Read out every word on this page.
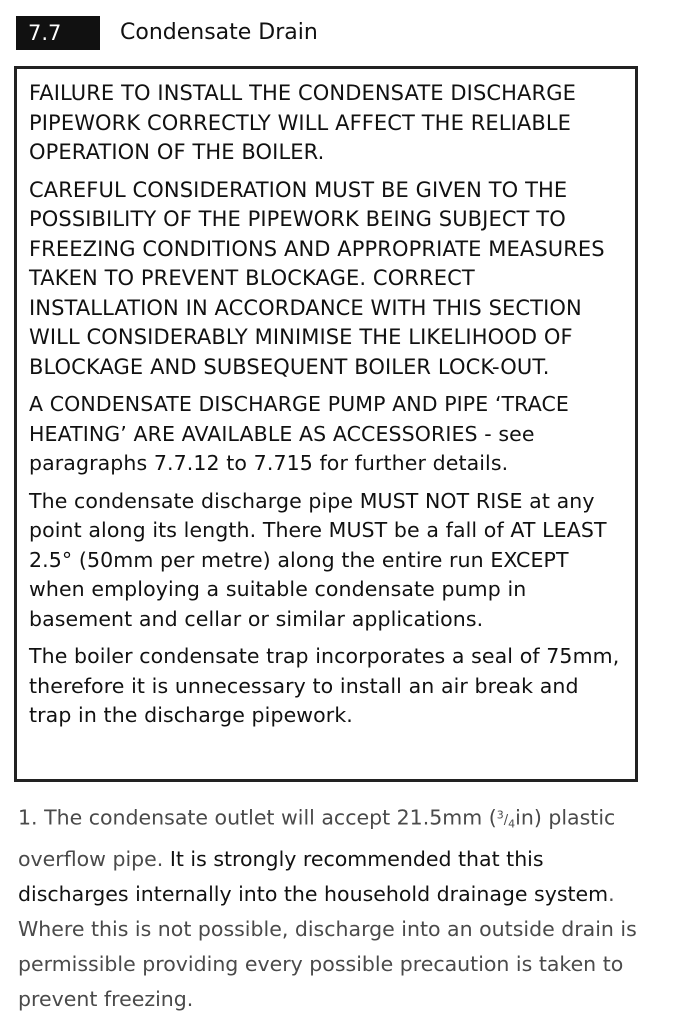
7.7	Condensate Drain

FAILURE TO INSTALL THE CONDENSATE DISCHARGE PIPEWORK CORRECTLY WILL AFFECT THE RELIABLE OPERATION OF THE BOILER.

CAREFUL CONSIDERATION MUST BE GIVEN TO THE POSSIBILITY OF THE PIPEWORK BEING SUBJECT TO FREEZING CONDITIONS AND APPROPRIATE MEASURES TAKEN TO PREVENT BLOCKAGE. CORRECT INSTALLATION IN ACCORDANCE WITH THIS SECTION WILL CONSIDERABLY MINIMISE THE LIKELIHOOD OF BLOCKAGE AND SUBSEQUENT BOILER LOCK-OUT.

A CONDENSATE DISCHARGE PUMP AND PIPE ‘TRACE HEATING’ ARE AVAILABLE AS ACCESSORIES - see paragraphs 7.7.12 to 7.715 for further details.

The condensate discharge pipe MUST NOT RISE at any point along its length. There MUST be a fall of AT LEAST 2.5° (50mm per metre) along the entire run EXCEPT when employing a suitable condensate pump in basement and cellar or similar applications.

The boiler condensate trap incorporates a seal of 75mm, therefore it is unnecessary to install an air break and trap in the discharge pipework.

1. The condensate outlet will accept 21.5mm $(^3/_4in)$ plastic overflow pipe. It is strongly recommended that this discharges internally into the household drainage system. Where this is not possible, discharge into an outside drain is permissible providing every possible precaution is taken to prevent freezing.
